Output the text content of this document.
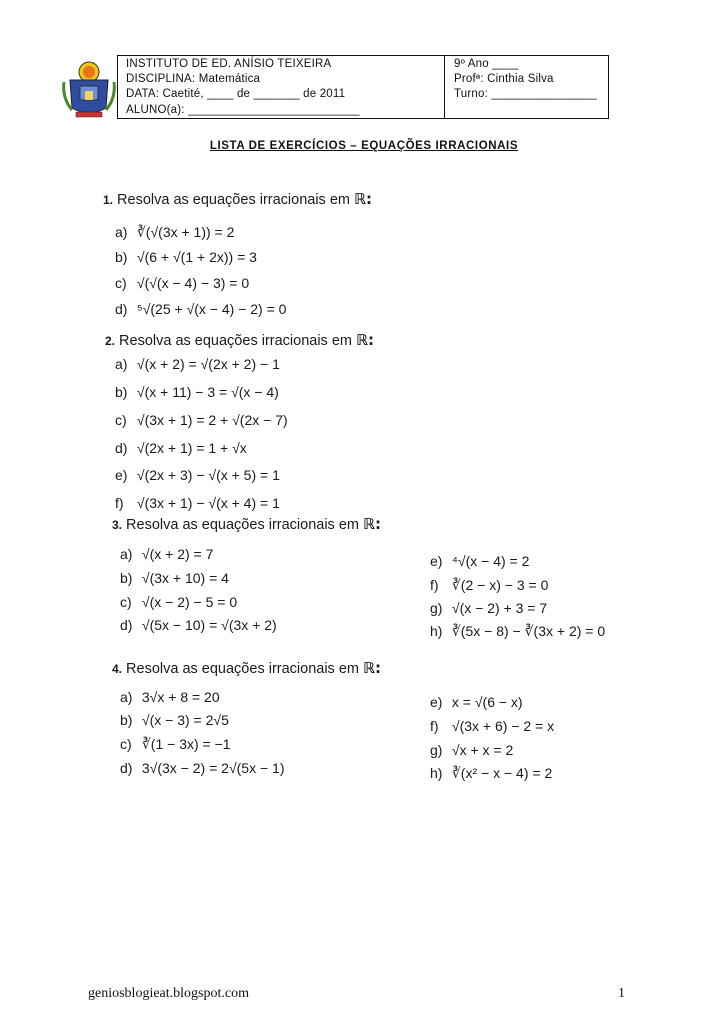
INSTITUTO DE ED. ANÍSIO TEIXEIRA
DISCIPLINA: Matemática
DATA: Caetité, ____ de _______ de 2011
ALUNO(a): __________________________
9º Ano ____
Profª: Cinthia Silva
Turno: ________________
LISTA DE EXERCÍCIOS – EQUAÇÕES IRRACIONAIS
1. Resolva as equações irracionais em ℝ:
a) ∛(√(3x + 1)) = 2
b) √(6 + √(1 + 2x)) = 3
c) √(√(x − 4) − 3) = 0
d) ⁵√(25 + √(x − 4) − 2) = 0
2. Resolva as equações irracionais em ℝ:
a) √(x + 2) = √(2x + 2) − 1
b) √(x + 11) − 3 = √(x − 4)
c) √(3x + 1) = 2 + √(2x − 7)
d) √(2x + 1) = 1 + √x
e) √(2x + 3) − √(x + 5) = 1
f) √(3x + 1) − √(x + 4) = 1
3. Resolva as equações irracionais em ℝ:
a) √(x + 2) = 7
b) √(3x + 10) = 4
c) √(x − 2) − 5 = 0
d) √(5x − 10) = √(3x + 2)
e) ⁴√(x − 4) = 2
f) ∛(2 − x) − 3 = 0
g) √(x − 2) + 3 = 7
h) ∛(5x − 8) − ∛(3x + 2) = 0
4. Resolva as equações irracionais em ℝ:
a) 3√x + 8 = 20
b) √(x − 3) = 2√5
c) ∛(1 − 3x) = −1
d) 3√(3x − 2) = 2√(5x − 1)
e) x = √(6 − x)
f) √(3x + 6) − 2 = x
g) √x + x = 2
h) ∛(x² − x − 4) = 2
geniosblogieat.blogspot.com	1
